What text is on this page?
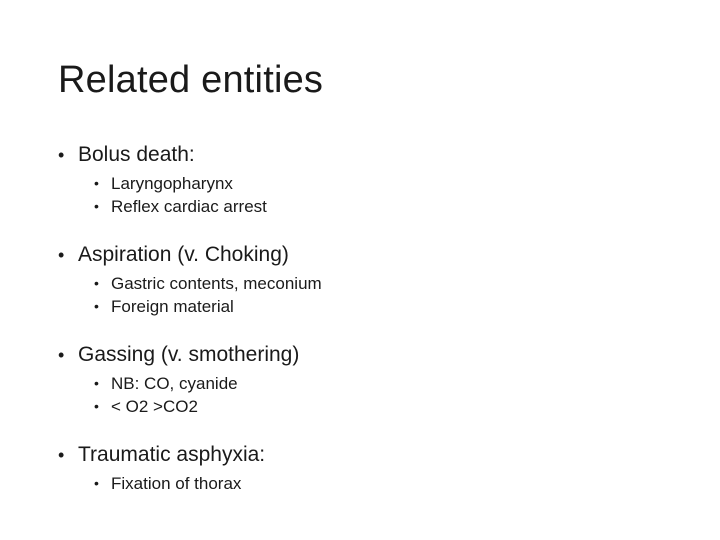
Related entities
• Bolus death:
• Laryngopharynx
• Reflex cardiac arrest
• Aspiration (v. Choking)
• Gastric contents, meconium
• Foreign material
• Gassing (v. smothering)
• NB: CO, cyanide
• < O2 >CO2
• Traumatic asphyxia:
• Fixation of thorax
